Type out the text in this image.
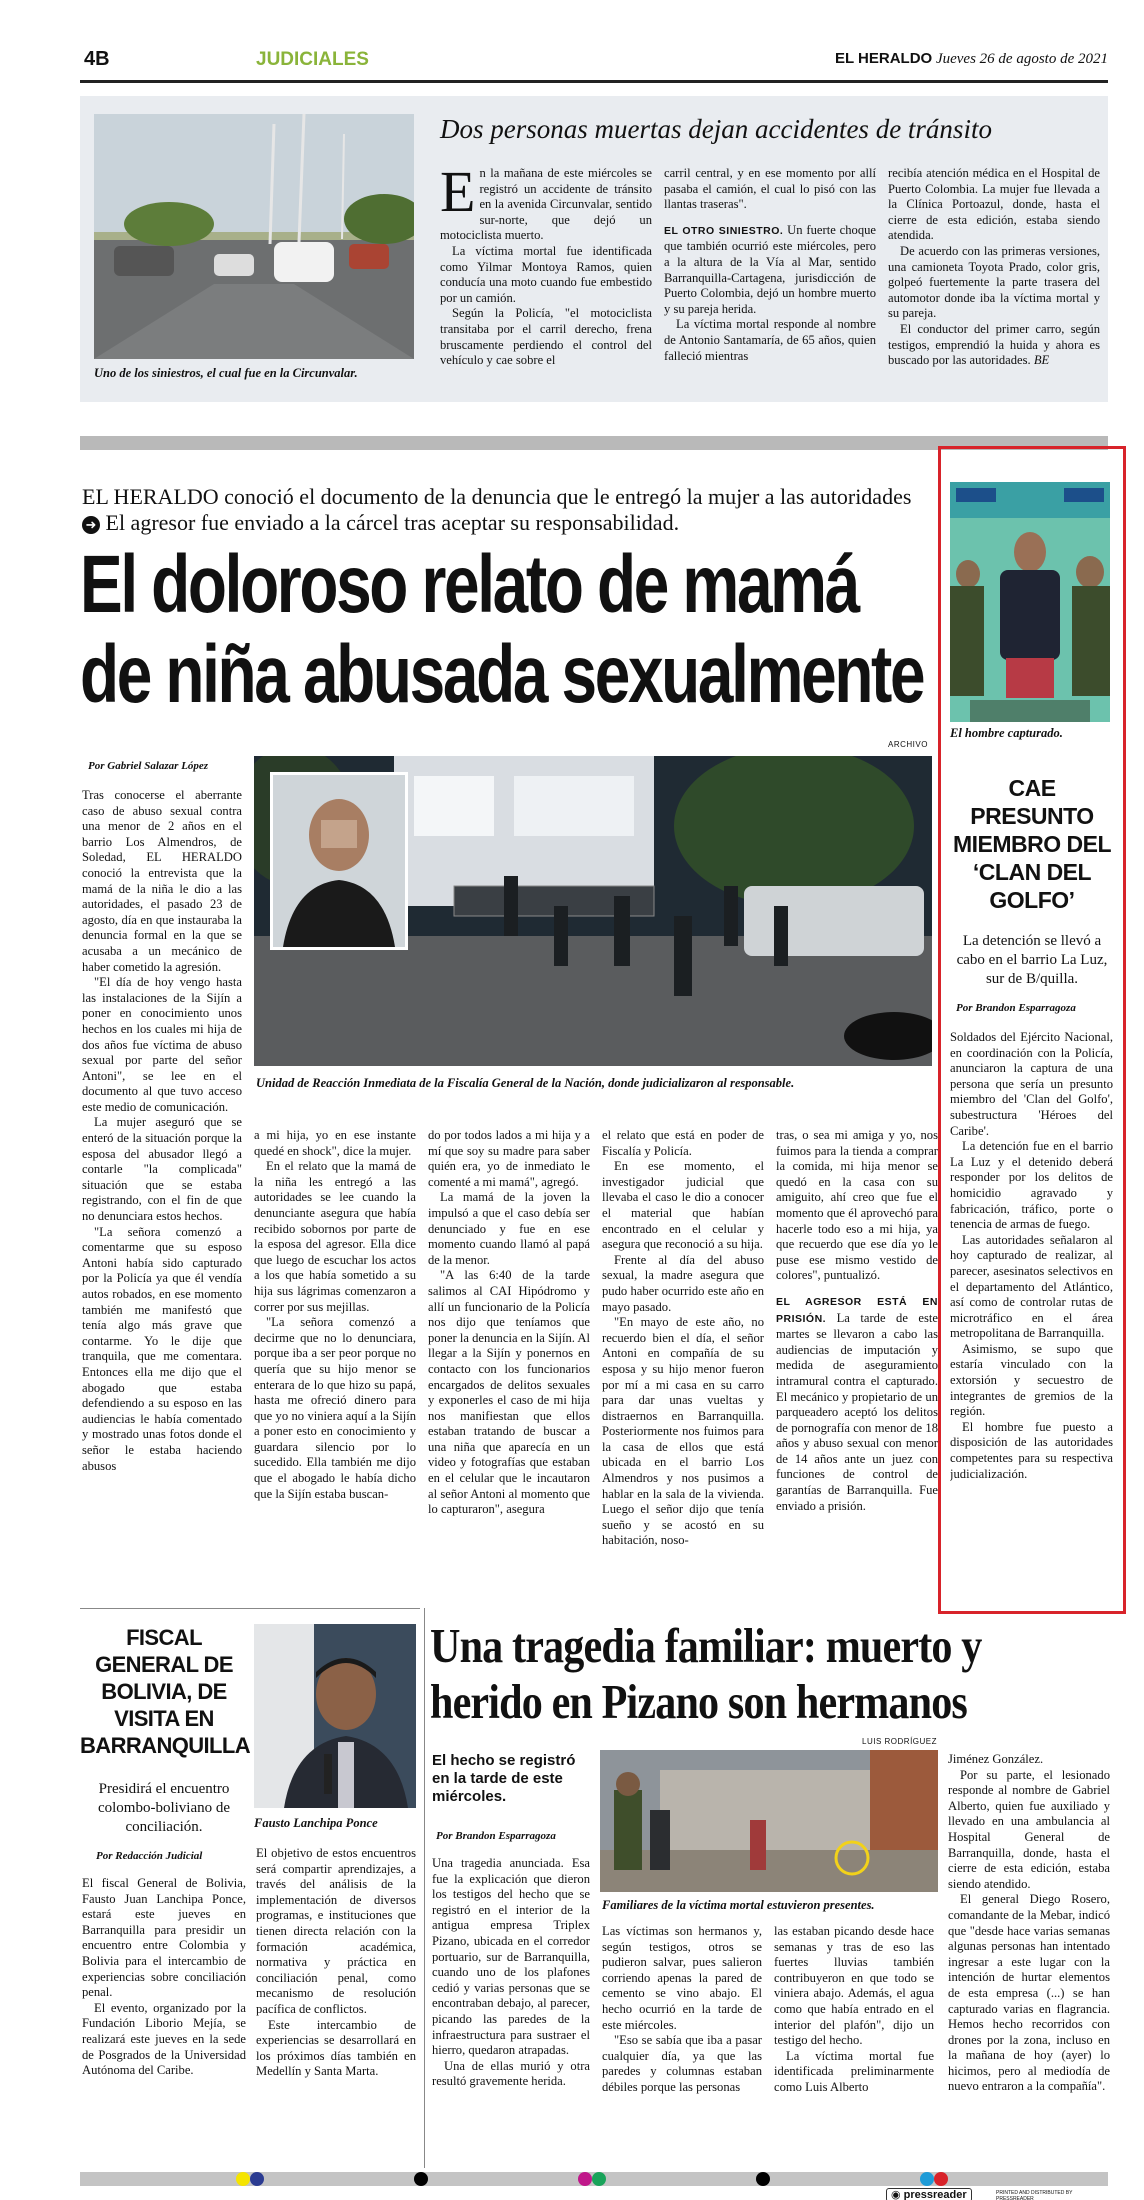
4B	JUDICIALES	EL HERALDO Jueves 26 de agosto de 2021
Uno de los siniestros, el cual fue en la Circunvalar.
Dos personas muertas dejan accidentes de tránsito
E n la mañana de este miércoles se registró un accidente de tránsito en la avenida Circunvalar, sentido sur-norte, que dejó un motociclista muerto.

La víctima mortal fue identificada como Yilmar Montoya Ramos, quien conducía una moto cuando fue embestido por un camión.

Según la Policía, "el motociclista transitaba por el carril derecho, frena bruscamente perdiendo el control del vehículo y cae sobre el

carril central, y en ese momento por allí pasaba el camión, el cual lo pisó con las llantas traseras".

EL OTRO SINIESTRO. Un fuerte choque que también ocurrió este miércoles, pero a la altura de la Vía al Mar, sentido Barranquilla-Cartagena, jurisdicción de Puerto Colombia, dejó un hombre muerto y su pareja herida.

La víctima mortal responde al nombre de Antonio Santamaría, de 65 años, quien falleció mientras

recibía atención médica en el Hospital de Puerto Colombia. La mujer fue llevada a la Clínica Portoazul, donde, hasta el cierre de esta edición, estaba siendo atendida.

De acuerdo con las primeras versiones, una camioneta Toyota Prado, color gris, golpeó fuertemente la parte trasera del automotor donde iba la víctima mortal y su pareja.

El conductor del primer carro, según testigos, emprendió la huida y ahora es buscado por las autoridades. BE

EL HERALDO conoció el documento de la denuncia que le entregó la mujer a las autoridades ➜ El agresor fue enviado a la cárcel tras aceptar su responsabilidad.
El doloroso relato de mamá
de niña abusada sexualmente
ARCHIVO
Por Gabriel Salazar López
Unidad de Reacción Inmediata de la Fiscalía General de la Nación, donde judicializaron al responsable.

Tras conocerse el aberrante caso de abuso sexual contra una menor de 2 años en el barrio Los Almendros, de Soledad, EL HERALDO conoció la entrevista que la mamá de la niña le dio a las autoridades, el pasado 23 de agosto, día en que instauraba la denuncia formal en la que se acusaba a un mecánico de haber cometido la agresión.

"El día de hoy vengo hasta las instalaciones de la Sijín a poner en conocimiento unos hechos en los cuales mi hija de dos años fue víctima de abuso sexual por parte del señor Antoni", se lee en el documento al que tuvo acceso este medio de comunicación.

La mujer aseguró que se enteró de la situación porque la esposa del abusador llegó a contarle "la complicada" situación que se estaba registrando, con el fin de que no denunciara estos hechos.

"La señora comenzó a comentarme que su esposo Antoni había sido capturado por la Policía ya que él vendía autos robados, en ese momento también me manifestó que tenía algo más grave que contarme. Yo le dije que tranquila, que me comentara. Entonces ella me dijo que el abogado que estaba defendiendo a su esposo en las audiencias le había comentado y mostrado unas fotos donde el señor le estaba haciendo abusos

a mi hija, yo en ese instante quedé en shock", dice la mujer.

En el relato que la mamá de la niña les entregó a las autoridades se lee cuando la denunciante asegura que había recibido sobornos por parte de la esposa del agresor. Ella dice que luego de escuchar los actos a los que había sometido a su hija sus lágrimas comenzaron a correr por sus mejillas.

"La señora comenzó a decirme que no lo denunciara, porque iba a ser peor porque no quería que su hijo menor se enterara de lo que hizo su papá, hasta me ofreció dinero para que yo no viniera aquí a la Sijín a poner esto en conocimiento y guardara silencio por lo sucedido. Ella también me dijo que el abogado le había dicho que la Sijín estaba buscan-

do por todos lados a mi hija y a mí que soy su madre para saber quién era, yo de inmediato le comenté a mi mamá", agregó.

La mamá de la joven la impulsó a que el caso debía ser denunciado y fue en ese momento cuando llamó al papá de la menor.

"A las 6:40 de la tarde salimos al CAI Hipódromo y allí un funcionario de la Policía nos dijo que teníamos que poner la denuncia en la Sijín. Al llegar a la Sijín y ponernos en contacto con los funcionarios encargados de delitos sexuales y exponerles el caso de mi hija nos manifiestan que ellos estaban tratando de buscar a una niña que aparecía en un video y fotografías que estaban en el celular que le incautaron al señor Antoni al momento que lo capturaron", asegura

el relato que está en poder de Fiscalía y Policía.

En ese momento, el investigador judicial que llevaba el caso le dio a conocer el material que habían encontrado en el celular y asegura que reconoció a su hija.

Frente al día del abuso sexual, la madre asegura que pudo haber ocurrido este año en mayo pasado.

"En mayo de este año, no recuerdo bien el día, el señor Antoni en compañía de su esposa y su hijo menor fueron por mí a mi casa en su carro para dar unas vueltas y distraernos en Barranquilla. Posteriormente nos fuimos para la casa de ellos que está ubicada en el barrio Los Almendros y nos pusimos a hablar en la sala de la vivienda. Luego el señor dijo que tenía sueño y se acostó en su habitación, noso-

tras, o sea mi amiga y yo, nos fuimos para la tienda a comprar la comida, mi hija menor se quedó en la casa con su amiguito, ahí creo que fue el momento que él aprovechó para hacerle todo eso a mi hija, ya que recuerdo que ese día yo le puse ese mismo vestido de colores", puntualizó.

EL AGRESOR ESTÁ EN PRISIÓN. La tarde de este martes se llevaron a cabo las audiencias de imputación y medida de aseguramiento intramural contra el capturado. El mecánico y propietario de un parqueadero aceptó los delitos de pornografía con menor de 18 años y abuso sexual con menor de 14 años ante un juez con funciones de control de garantías de Barranquilla. Fue enviado a prisión.

El hombre capturado.
CAE PRESUNTO MIEMBRO DEL ‘CLAN DEL GOLFO’
La detención se llevó a cabo en el barrio La Luz, sur de B/quilla.
Por Brandon Esparragoza

Soldados del Ejército Nacional, en coordinación con la Policía, anunciaron la captura de una persona que sería un presunto miembro del 'Clan del Golfo', subestructura 'Héroes del Caribe'.

La detención fue en el barrio La Luz y el detenido deberá responder por los delitos de homicidio agravado y fabricación, tráfico, porte o tenencia de armas de fuego.

Las autoridades señalaron al hoy capturado de realizar, al parecer, asesinatos selectivos en el departamento del Atlántico, así como de controlar rutas de microtráfico en el área metropolitana de Barranquilla.

Asimismo, se supo que estaría vinculado con la extorsión y secuestro de integrantes de gremios de la región.

El hombre fue puesto a disposición de las autoridades competentes para su respectiva judicialización.

FISCAL GENERAL DE BOLIVIA, DE VISITA EN BARRANQUILLA
Fausto Lanchipa Ponce
Presidirá el encuentro colombo-boliviano de conciliación.
Por Redacción Judicial

El fiscal General de Bolivia, Fausto Juan Lanchipa Ponce, estará este jueves en Barranquilla para presidir un encuentro entre Colombia y Bolivia para el intercambio de experiencias sobre conciliación penal.

El evento, organizado por la Fundación Liborio Mejía, se realizará este jueves en la sede de Posgrados de la Universidad Autónoma del Caribe.

El objetivo de estos encuentros será compartir aprendizajes, a través del análisis de la implementación de diversos programas, e instituciones que tienen directa relación con la formación académica, normativa y práctica en conciliación penal, como mecanismo de resolución pacífica de conflictos.

Este intercambio de experiencias se desarrollará en los próximos días también en Medellín y Santa Marta.

Una tragedia familiar: muerto y
herido en Pizano son hermanos
LUIS RODRÍGUEZ
El hecho se registró en la tarde de este miércoles.
Por Brandon Esparragoza
Familiares de la víctima mortal estuvieron presentes.

Una tragedia anunciada. Esa fue la explicación que dieron los testigos del hecho que se registró en el interior de la antigua empresa Triplex Pizano, ubicada en el corredor portuario, sur de Barranquilla, cuando uno de los plafones cedió y varias personas que se encontraban debajo, al parecer, picando las paredes de la infraestructura para sustraer el hierro, quedaron atrapadas.

Una de ellas murió y otra resultó gravemente herida.

Las víctimas son hermanos y, según testigos, otros se pudieron salvar, pues salieron corriendo apenas la pared de cemento se vino abajo. El hecho ocurrió en la tarde de este miércoles.

"Eso se sabía que iba a pasar cualquier día, ya que las paredes y columnas estaban débiles porque las personas

las estaban picando desde hace semanas y tras de eso las fuertes lluvias también contribuyeron en que todo se viniera abajo. Además, el agua como que había entrado en el interior del plafón", dijo un testigo del hecho.

La víctima mortal fue identificada preliminarmente como Luis Alberto

Jiménez González.

Por su parte, el lesionado responde al nombre de Gabriel Alberto, quien fue auxiliado y llevado en una ambulancia al Hospital General de Barranquilla, donde, hasta el cierre de esta edición, estaba siendo atendido.

El general Diego Rosero, comandante de la Mebar, indicó que "desde hace varias semanas algunas personas han intentado ingresar a este lugar con la intención de hurtar elementos de esta empresa (...) se han capturado varias en flagrancia. Hemos hecho recorridos con drones por la zona, incluso en la mañana de hoy (ayer) lo hicimos, pero al mediodía de nuevo entraron a la compañía".

◉ pressreader	PRINTED AND DISTRIBUTED BY PRESSREADER
